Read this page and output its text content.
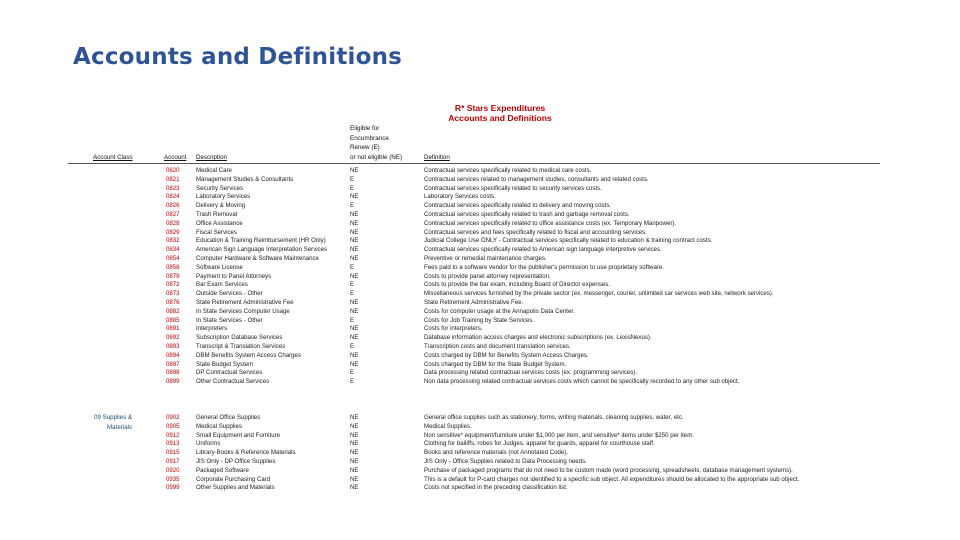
Accounts and Definitions
R* Stars Expenditures
Accounts and Definitions
Eligible for
Encumbrance
Renew (E)
or not eligible (NE)
Account Class	Account Description	Definition
0820	Medical Care	NE	Contractual services specifically related to medical care costs.
0821	Management Studies & Consultants	E	Contractual services related to management studies, consultants and related costs.
0823	Security Services	E	Contractual services specifically related to security services costs.
0824	Laboratory Services	NE	Laboratory Services costs.
0826	Delivery & Moving	E	Contractual services specifically related to delivery and moving costs.
0827	Trash Removal	NE	Contractual services specifically related to trash and garbage removal costs.
0828	Office Assistance	NE	Contractual services specifically related to office assistance costs (ex. Temporary Manpower).
0829	Fiscal Services	NE	Contractual services and fees specifically related to fiscal and accounting services.
0832	Education & Training Reimbursement (HR Only)	NE	Judicial College Use ONLY - Contractual services specifically related to education & training contract costs.
0834	American Sign Language Interpretation Services	NE	Contractual services specifically related to American sign language interpretive services.
0854	Computer Hardware & Software Maintenance	NE	Preventive or remedial maintenance charges.
0858	Software License	E	Fees paid to a software vendor for the publisher's permission to use proprietary software.
0879	Payment to Panel Attorneys	NE	Costs to provide panel attorney representation.
0872	Bar Exam Services	E	Costs to provide the bar exam, including Board of Director expenses.
0873	Outside Services - Other	E	Miscellaneous services furnished by the private sector (ex. messenger, courier, unlimited car services web site, network services).
0876	State Retirement Administrative Fee	NE	State Retirement Administrative Fee.
0882	In State Services Computer Usage	NE	Costs for computer usage at the Annapolis Data Center.
0885	In State Services - Other	E	Costs for Job Training by State Services.
0891	Interpreters	NE	Costs for interpreters.
0892	Subscription Database Services	NE	Database information access charges and electronic subscriptions (ex. LexisNexus).
0893	Transcript & Translation Services	E	Transcription costs and document translation services.
0894	DBM Benefits System Access Charges	NE	Costs charged by DBM for Benefits System Access Charges.
0897	State Budget System	NE	Costs charged by DBM for the State Budget System.
0898	DP Contractual Services	E	Data processing related contractual services costs (ex. programming services).
0899	Other Contractual Services	E	Non data processing related contractual services costs which cannot be specifically recorded to any other sub object.
09 Supplies &
Materials
0902	General Office Supplies	NE	General office supplies such as stationery, forms, writing materials, cleaning supplies, water, etc.
0905	Medical Supplies	NE	Medical Supplies.
0912	Small Equipment and Furniture	NE	Non sensitive* equipment/furniture under $1,000 per item, and sensitive* items under $250 per item.
0913	Uniforms	NE	Clothing for bailiffs, robes for Judges, apparel for guards, apparel for courthouse staff.
0915	Library-Books & Reference Materials	NE	Books and reference materials (not Annotated Code).
0917	JIS Only - DP Office Supplies	NE	JIS Only - Office Supplies related to Data Processing needs.
0920	Packaged Software	NE	Purchase of packaged programs that do not need to be custom made (word processing, spreadsheets, database management systems).
0935	Corporate Purchasing Card	NE	This is a default for P-card charges not identified to a specific sub object. All expenditures should be allocated to the appropriate sub object.
0999	Other Supplies and Materials	NE	Costs not specified in the preceding classification list.
